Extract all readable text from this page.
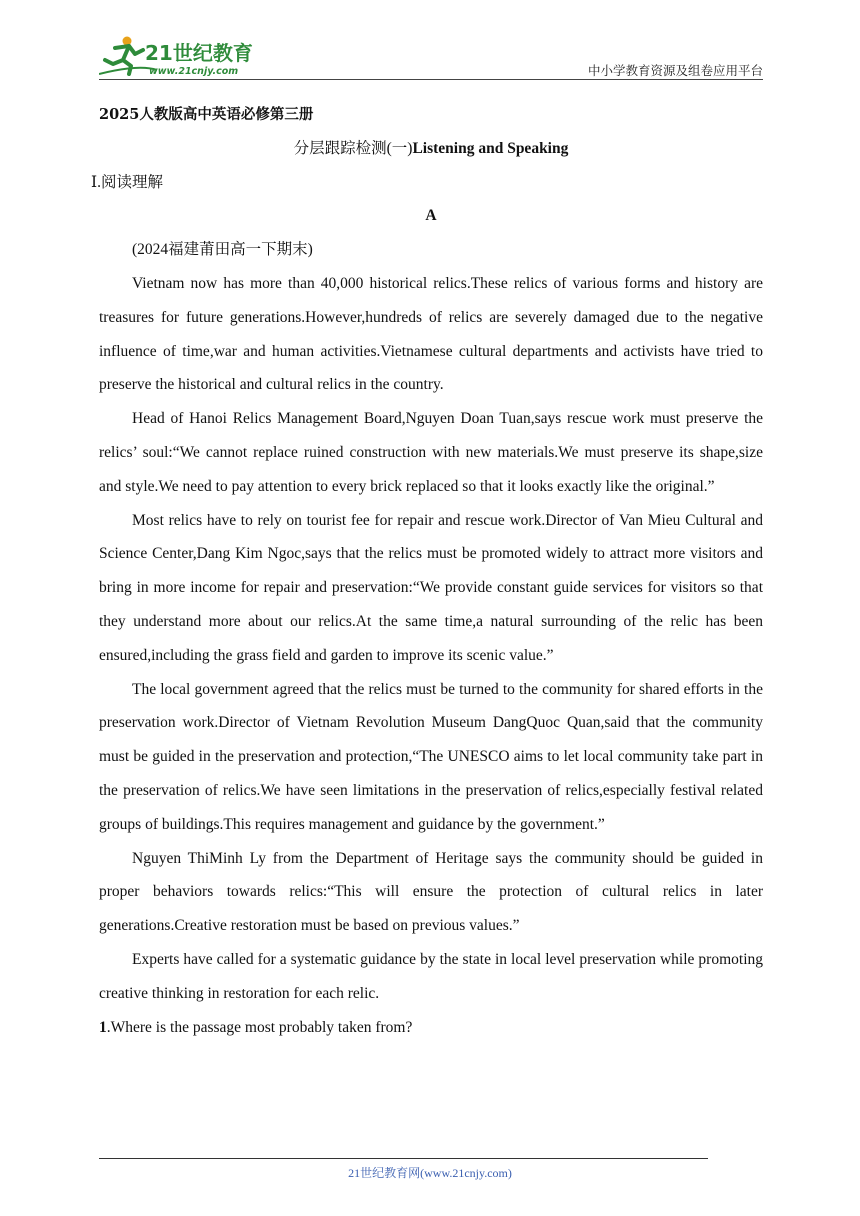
21世纪教育
www.21cnjy.com	中小学教育资源及组卷应用平台

2025人教版高中英语必修第三册

分层跟踪检测(一)Listening and Speaking

Ⅰ.阅读理解

A

(2024福建莆田高一下期末)

Vietnam now has more than 40,000 historical relics.These relics of various forms and history are treasures for future generations.However,hundreds of relics are severely damaged due to the negative influence of time,war and human activities.Vietnamese cultural departments and activists have tried to preserve the historical and cultural relics in the country.

Head of Hanoi Relics Management Board,Nguyen Doan Tuan,says rescue work must preserve the relics’ soul:“We cannot replace ruined construction with new materials.We must preserve its shape,size and style.We need to pay attention to every brick replaced so that it looks exactly like the original.”

Most relics have to rely on tourist fee for repair and rescue work.Director of Van Mieu Cultural and Science Center,Dang Kim Ngoc,says that the relics must be promoted widely to attract more visitors and bring in more income for repair and preservation:“We provide constant guide services for visitors so that they understand more about our relics.At the same time,a natural surrounding of the relic has been ensured,including the grass field and garden to improve its scenic value.”

The local government agreed that the relics must be turned to the community for shared efforts in the preservation work.Director of Vietnam Revolution Museum DangQuoc Quan,said that the community must be guided in the preservation and protection,“The UNESCO aims to let local community take part in the preservation of relics.We have seen limitations in the preservation of relics,especially festival related groups of buildings.This requires management and guidance by the government.”

Nguyen ThiMinh Ly from the Department of Heritage says the community should be guided in proper behaviors towards relics:“This will ensure the protection of cultural relics in later generations.Creative restoration must be based on previous values.”

Experts have called for a systematic guidance by the state in local level preservation while promoting creative thinking in restoration for each relic.

1.Where is the passage most probably taken from?

21世纪教育网(www.21cnjy.com)
